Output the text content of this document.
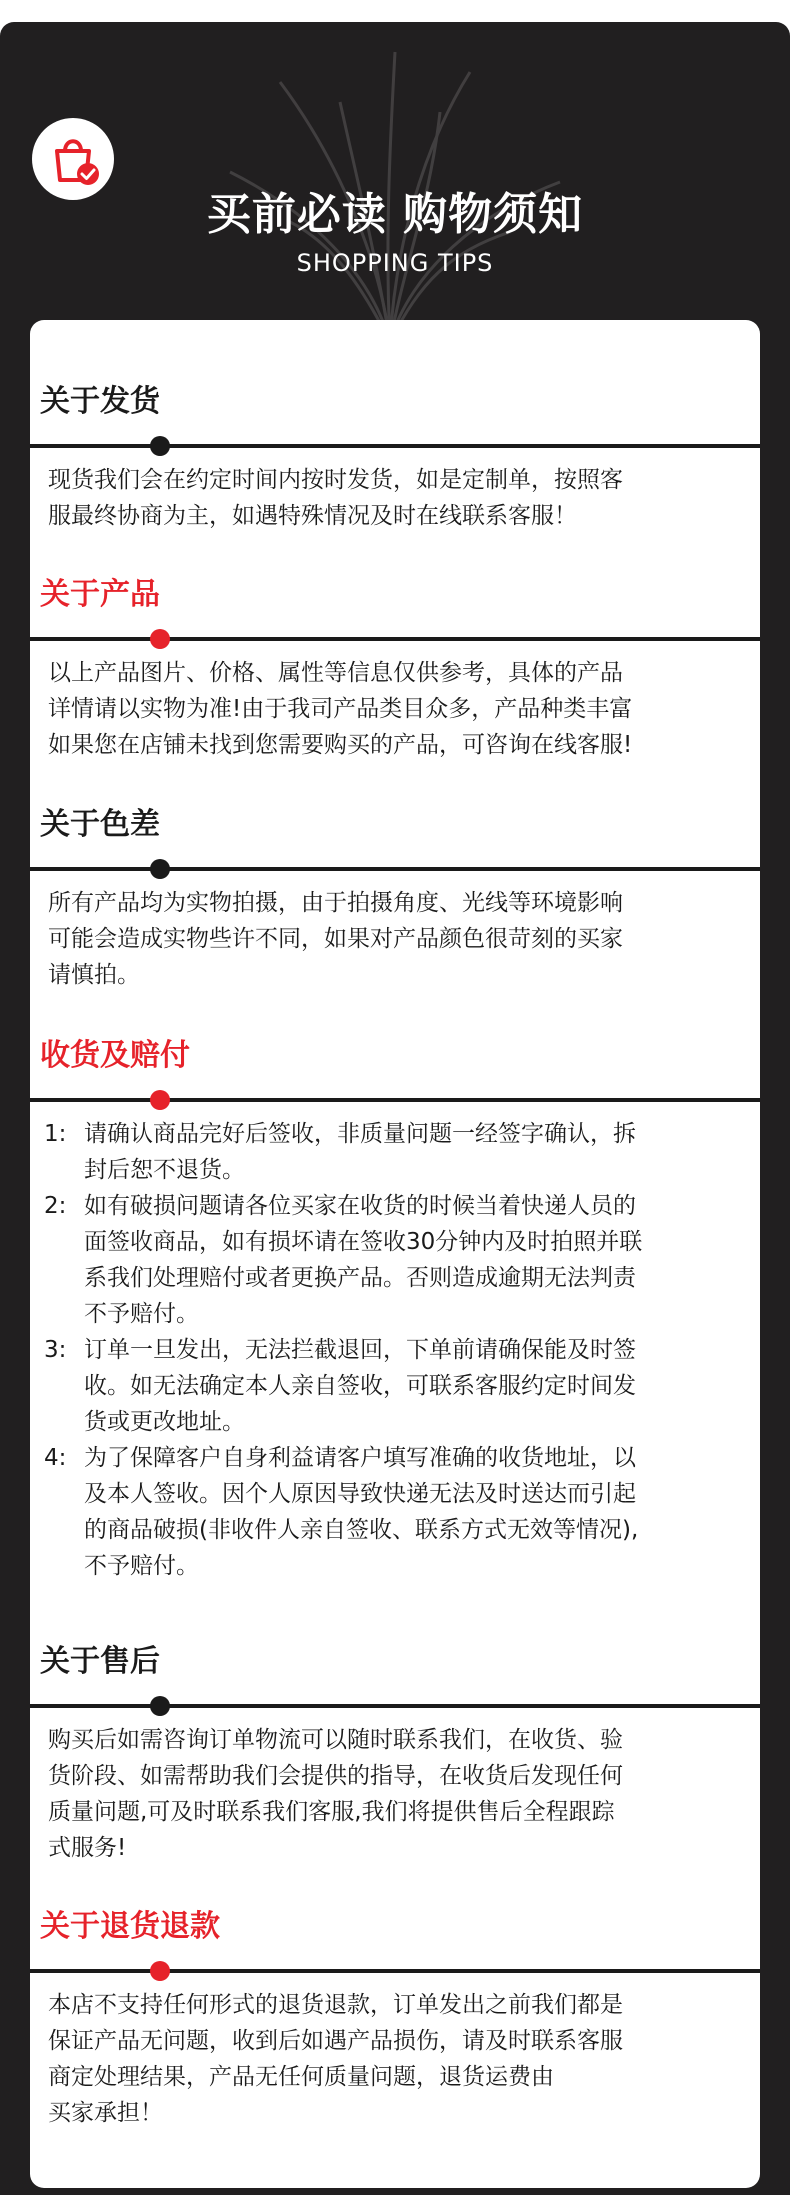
买前必读 购物须知
SHOPPING TIPS
关于发货

现货我们会在约定时间内按时发货，如是定制单，按照客

服最终协商为主，如遇特殊情况及时在线联系客服！

关于产品

以上产品图片、价格、属性等信息仅供参考，具体的产品

详情请以实物为准!由于我司产品类目众多，产品种类丰富

如果您在店铺未找到您需要购买的产品，可咨询在线客服!

关于色差

所有产品均为实物拍摄，由于拍摄角度、光线等环境影响

可能会造成实物些许不同，如果对产品颜色很苛刻的买家

请慎拍。

收货及赔付
1: 请确认商品完好后签收，非质量问题一经签字确认，拆

封后恕不退货。

2: 如有破损问题请各位买家在收货的时候当着快递人员的

面签收商品，如有损坏请在签收30分钟内及时拍照并联

系我们处理赔付或者更换产品。否则造成逾期无法判责

不予赔付。

3: 订单一旦发出，无法拦截退回，下单前请确保能及时签

收。如无法确定本人亲自签收，可联系客服约定时间发

货或更改地址。

4: 为了保障客户自身利益请客户填写准确的收货地址，以

及本人签收。因个人原因导致快递无法及时送达而引起

的商品破损(非收件人亲自签收、联系方式无效等情况),

不予赔付。

关于售后

购买后如需咨询订单物流可以随时联系我们，在收货、验

货阶段、如需帮助我们会提供的指导，在收货后发现任何

质量问题,可及时联系我们客服,我们将提供售后全程跟踪

式服务!

关于退货退款

本店不支持任何形式的退货退款，订单发出之前我们都是

保证产品无问题，收到后如遇产品损伤，请及时联系客服

商定处理结果，产品无任何质量问题，退货运费由

买家承担！
